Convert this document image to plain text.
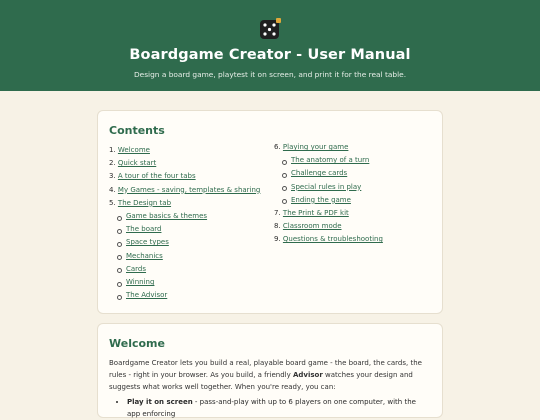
Boardgame Creator - User Manual
Design a board game, playtest it on screen, and print it for the real table.
Contents
1. Welcome
2. Quick start
3. A tour of the four tabs
4. My Games - saving, templates & sharing
5. The Design tab
Game basics & themes
The board
Space types
Mechanics
Cards
Winning
The Advisor
6. Playing your game
The anatomy of a turn
Challenge cards
Special rules in play
Ending the game
7. The Print & PDF kit
8. Classroom mode
9. Questions & troubleshooting
Welcome

Boardgame Creator lets you build a real, playable board game - the board, the cards, the rules - right in your browser. As you build, a friendly Advisor watches your design and suggests what works well together. When you're ready, you can:

• Play it on screen - pass-and-play with up to 6 players on one computer, with the app enforcing
